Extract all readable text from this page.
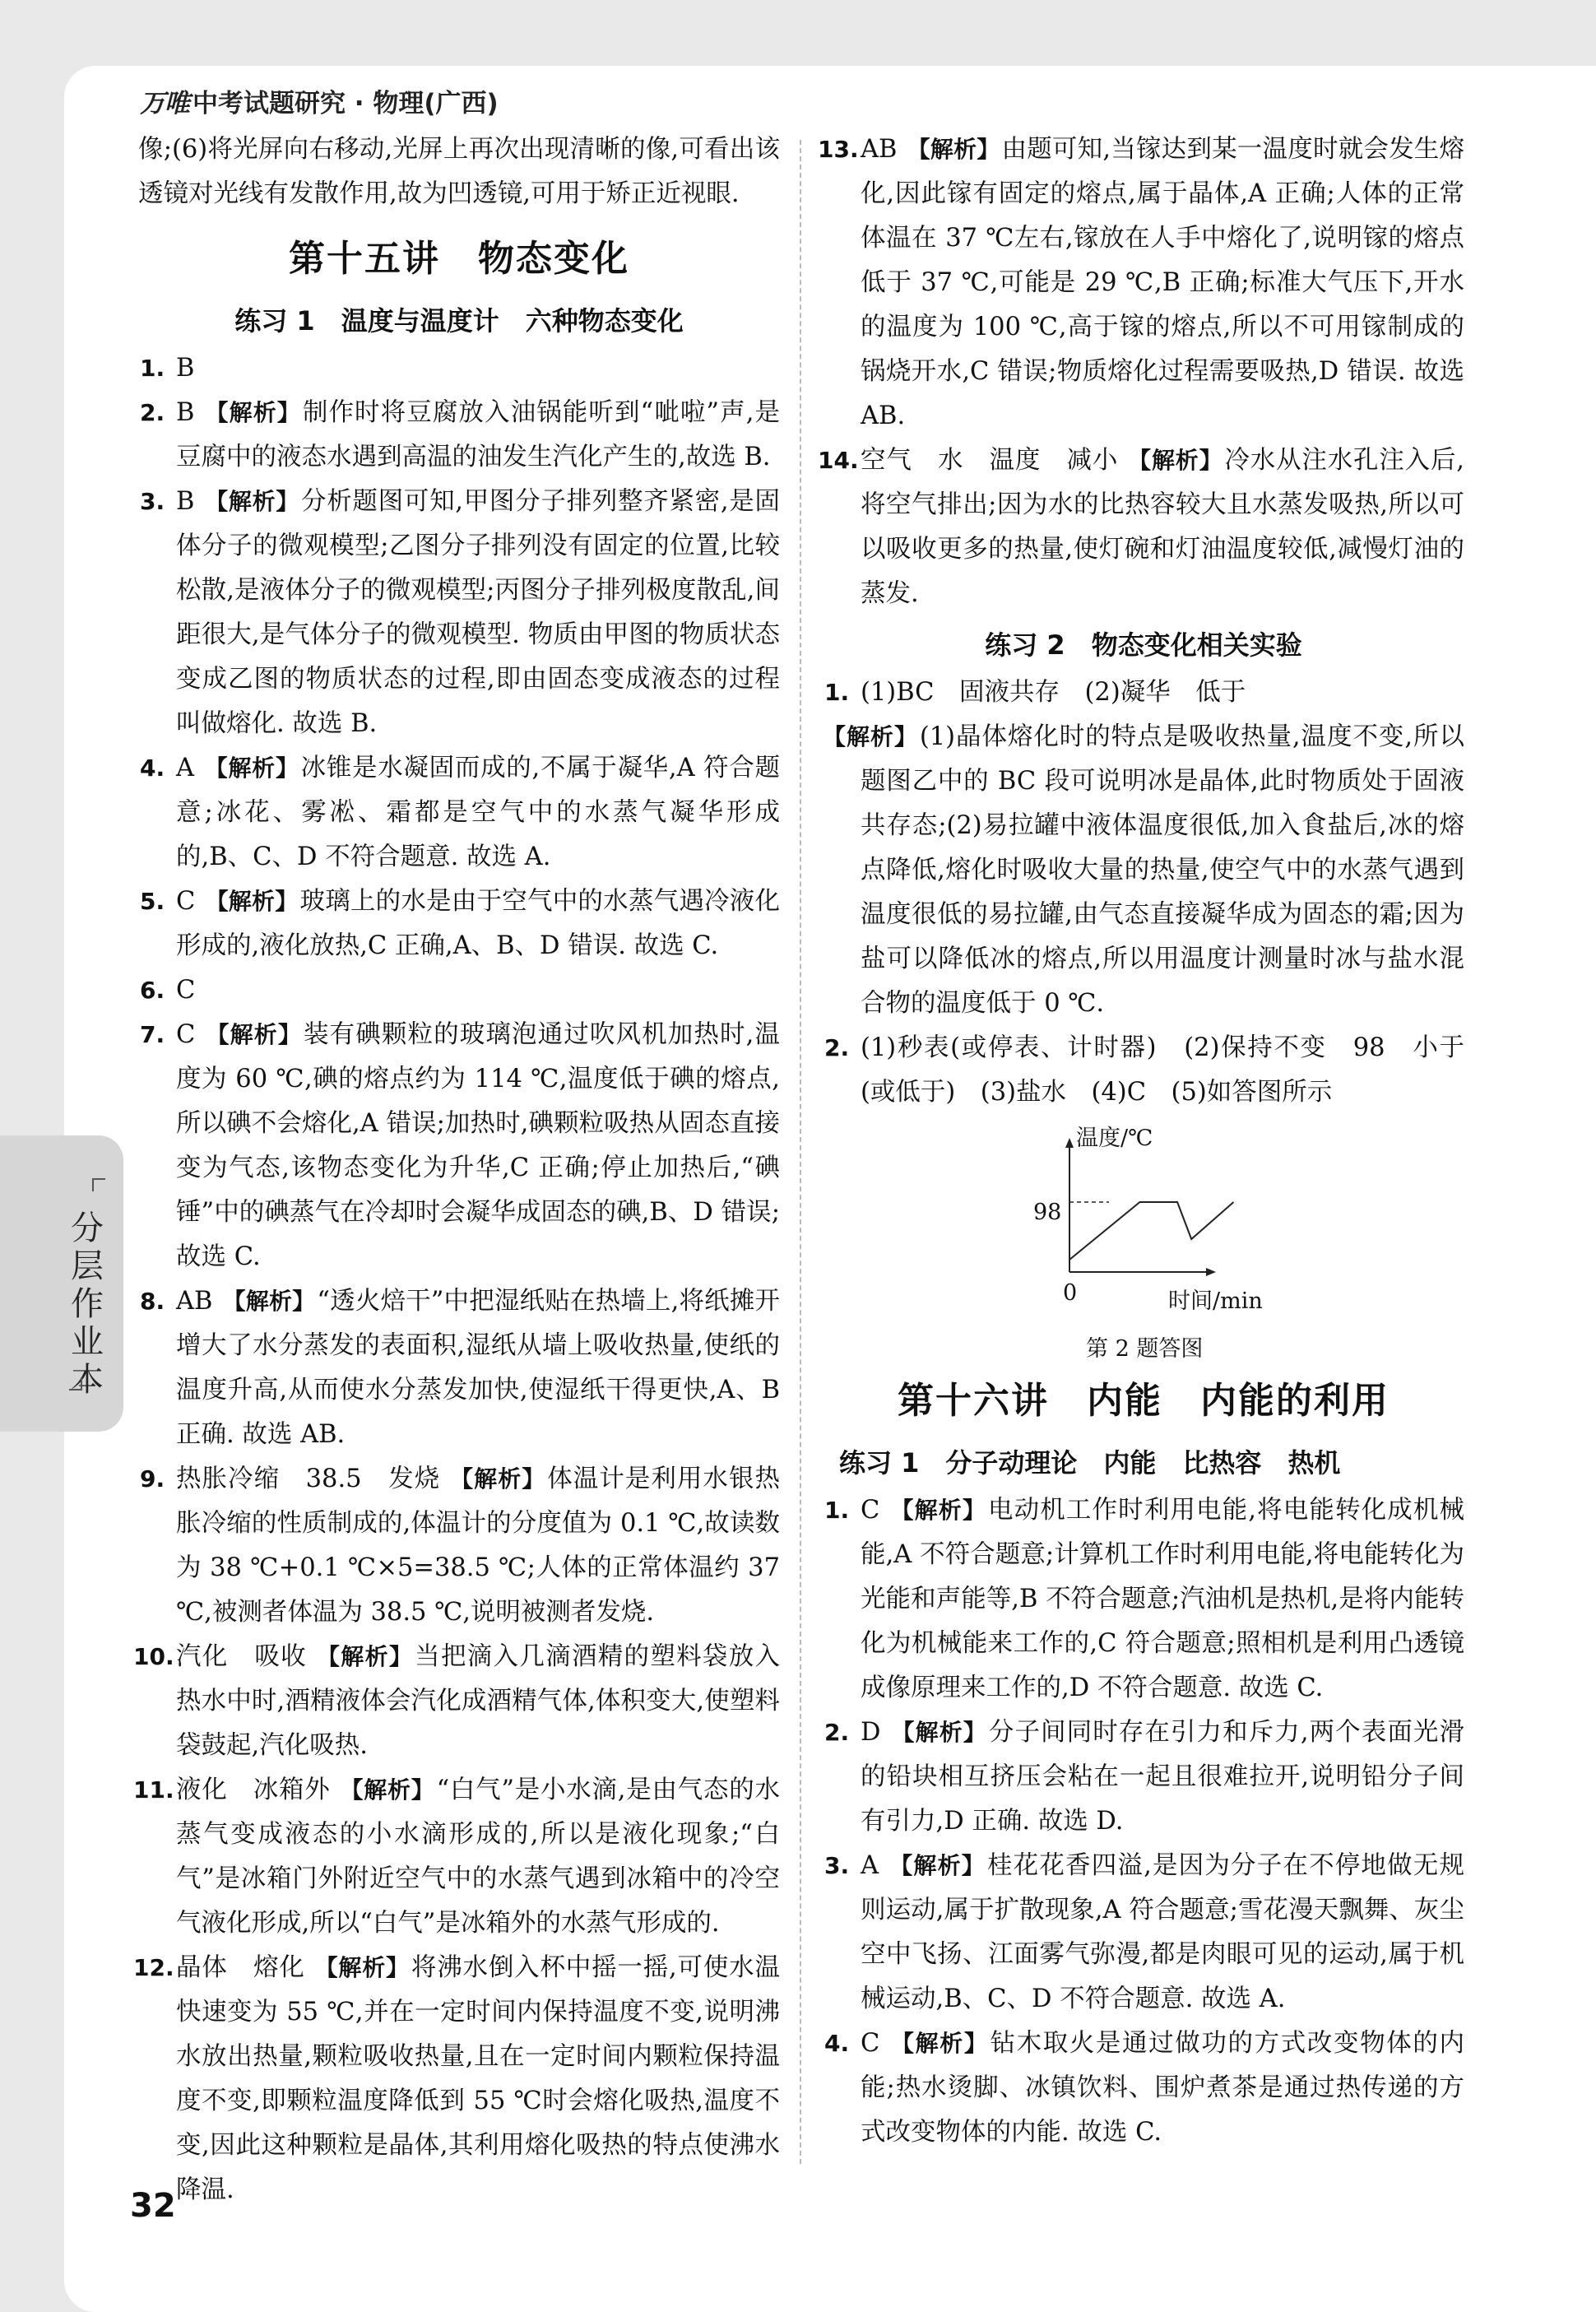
万唯 中考试题研究 · 物理(广西)
像;(6)将光屏向右移动,光屏上再次出现清晰的像,可看出该透镜对光线有发散作用,故为凹透镜,可用于矫正近视眼.
第十五讲　物态变化
练习 1　温度与温度计　六种物态变化
1. B
2. B 【解析】制作时将豆腐放入油锅能听到“呲啦”声,是豆腐中的液态水遇到高温的油发生汽化产生的,故选 B.
3. B 【解析】分析题图可知,甲图分子排列整齐紧密,是固体分子的微观模型;乙图分子排列没有固定的位置,比较松散,是液体分子的微观模型;丙图分子排列极度散乱,间距很大,是气体分子的微观模型. 物质由甲图的物质状态变成乙图的物质状态的过程,即由固态变成液态的过程叫做熔化. 故选 B.
4. A 【解析】冰锥是水凝固而成的,不属于凝华,A 符合题意;冰花、雾凇、霜都是空气中的水蒸气凝华形成的,B、C、D 不符合题意. 故选 A.
5. C 【解析】玻璃上的水是由于空气中的水蒸气遇冷液化形成的,液化放热,C 正确,A、B、D 错误. 故选 C.
6. C
7. C 【解析】装有碘颗粒的玻璃泡通过吹风机加热时,温度为 60 ℃,碘的熔点约为 114 ℃,温度低于碘的熔点,所以碘不会熔化,A 错误;加热时,碘颗粒吸热从固态直接变为气态,该物态变化为升华,C 正确;停止加热后,“碘锤”中的碘蒸气在冷却时会凝华成固态的碘,B、D 错误;故选 C.
8. AB 【解析】“透火焙干”中把湿纸贴在热墙上,将纸摊开增大了水分蒸发的表面积,湿纸从墙上吸收热量,使纸的温度升高,从而使水分蒸发加快,使湿纸干得更快,A、B 正确. 故选 AB.
9. 热胀冷缩　38.5　发烧 【解析】体温计是利用水银热胀冷缩的性质制成的,体温计的分度值为 0.1 ℃,故读数为 38 ℃+0.1 ℃×5=38.5 ℃;人体的正常体温约 37 ℃,被测者体温为 38.5 ℃,说明被测者发烧.
10. 汽化　吸收 【解析】当把滴入几滴酒精的塑料袋放入热水中时,酒精液体会汽化成酒精气体,体积变大,使塑料袋鼓起,汽化吸热.
11. 液化　冰箱外 【解析】“白气”是小水滴,是由气态的水蒸气变成液态的小水滴形成的,所以是液化现象;“白气”是冰箱门外附近空气中的水蒸气遇到冰箱中的冷空气液化形成,所以“白气”是冰箱外的水蒸气形成的.
12. 晶体　熔化 【解析】将沸水倒入杯中摇一摇,可使水温快速变为 55 ℃,并在一定时间内保持温度不变,说明沸水放出热量,颗粒吸收热量,且在一定时间内颗粒保持温度不变,即颗粒温度降低到 55 ℃时会熔化吸热,温度不变,因此这种颗粒是晶体,其利用熔化吸热的特点使沸水降温.
13. AB 【解析】由题可知,当镓达到某一温度时就会发生熔化,因此镓有固定的熔点,属于晶体,A 正确;人体的正常体温在 37 ℃左右,镓放在人手中熔化了,说明镓的熔点低于 37 ℃,可能是 29 ℃,B 正确;标准大气压下,开水的温度为 100 ℃,高于镓的熔点,所以不可用镓制成的锅烧开水,C 错误;物质熔化过程需要吸热,D 错误. 故选 AB.
14. 空气　水　温度　减小 【解析】冷水从注水孔注入后,将空气排出;因为水的比热容较大且水蒸发吸热,所以可以吸收更多的热量,使灯碗和灯油温度较低,减慢灯油的蒸发.
练习 2　物态变化相关实验
1. (1)BC　固液共存　(2)凝华　低于
【解析】(1)晶体熔化时的特点是吸收热量,温度不变,所以题图乙中的 BC 段可说明冰是晶体,此时物质处于固液共存态;(2)易拉罐中液体温度很低,加入食盐后,冰的熔点降低,熔化时吸收大量的热量,使空气中的水蒸气遇到温度很低的易拉罐,由气态直接凝华成为固态的霜;因为盐可以降低冰的熔点,所以用温度计测量时冰与盐水混合物的温度低于 0 ℃.
2. (1)秒表(或停表、计时器)　(2)保持不变　98　小于(或低于)　(3)盐水　(4)C　(5)如答图所示
温度/℃
98
0	时间/min
第 2 题答图
第十六讲　内能　内能的利用
练习 1　分子动理论　内能　比热容　热机
1. C 【解析】电动机工作时利用电能,将电能转化成机械能,A 不符合题意;计算机工作时利用电能,将电能转化为光能和声能等,B 不符合题意;汽油机是热机,是将内能转化为机械能来工作的,C 符合题意;照相机是利用凸透镜成像原理来工作的,D 不符合题意. 故选 C.
2. D 【解析】分子间同时存在引力和斥力,两个表面光滑的铅块相互挤压会粘在一起且很难拉开,说明铅分子间有引力,D 正确. 故选 D.
3. A 【解析】桂花花香四溢,是因为分子在不停地做无规则运动,属于扩散现象,A 符合题意;雪花漫天飘舞、灰尘空中飞扬、江面雾气弥漫,都是肉眼可见的运动,属于机械运动,B、C、D 不符合题意. 故选 A.
4. C 【解析】钻木取火是通过做功的方式改变物体的内能;热水烫脚、冰镇饮料、围炉煮茶是通过热传递的方式改变物体的内能. 故选 C.
分层作业本
32
